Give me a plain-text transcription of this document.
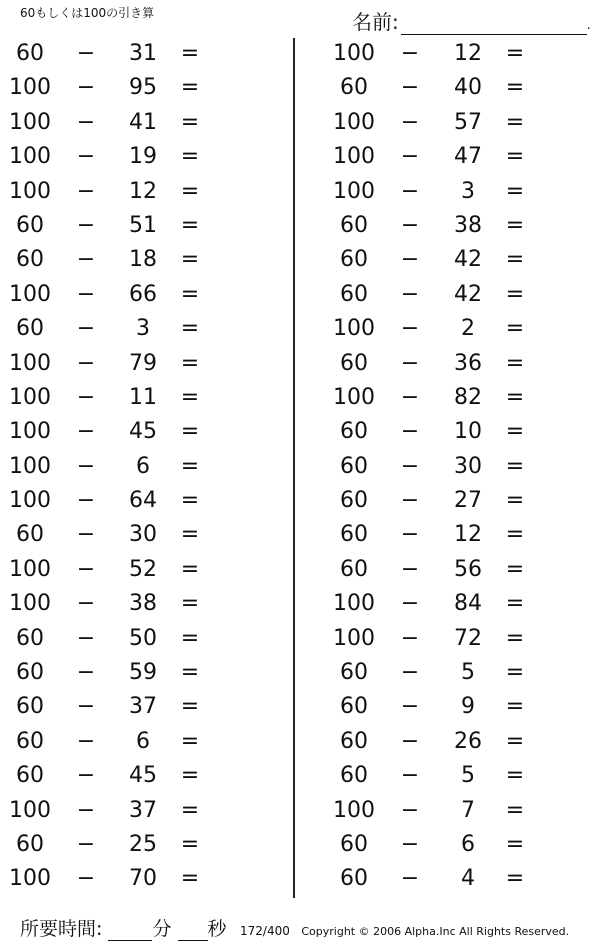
60もしくは100の引き算	名前:	.
60	− 31 =
100 − 95 =
100 − 41 =
100 − 19 =
100 − 12 =
60	− 51 =
60	− 18 =
100 − 66 =
60	−	3	=
100 − 79 =
100 − 11 =
100 − 45 =
100 −	6	=
100 − 64 =
60	− 30 =
100 − 52 =
100 − 38 =
60	− 50 =
60	− 59 =
60	− 37 =
60	−	6	=
60	− 45 =
100 − 37 =
60	− 25 =
100 − 70 =
100 − 12 =
60	− 40 =
100 − 57 =
100 − 47 =
100 −	3	=
60	− 38 =
60	− 42 =
60	− 42 =
100 −	2	=
60	− 36 =
100 − 82 =
60	− 10 =
60	− 30 =
60	− 27 =
60	− 12 =
60	− 56 =
100 − 84 =
100 − 72 =
60	−	5	=
60	−	9	=
60	− 26 =
60	−	5	=
100 −	7	=
60	−	6	=
60	−	4	=
所要時間:	分 秒 172/400 Copyright © 2006 Alpha.Inc All Rights Reserved.
